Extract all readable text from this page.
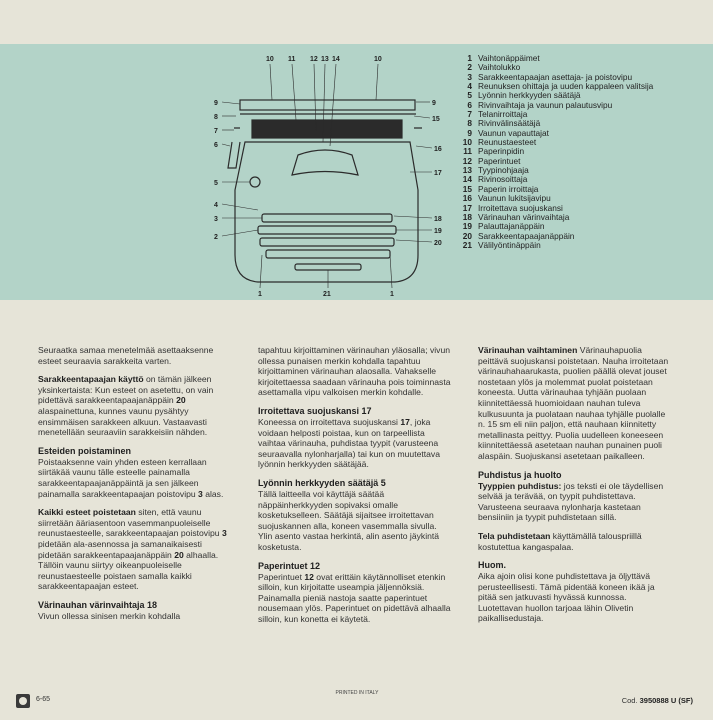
10 11 12 13 14	10
9
8
7
6
5
4
3
2
9
15
16
17
18
19
20
1	21	1
1 Vaihtonäppäimet
2 Vaihtolukko
3 Sarakkeentapaajan asettaja- ja poistovipu
4 Reunuksen ohittaja ja uuden kappaleen valitsija
5 Lyönnin herkkyyden säätäjä
6 Rivinvaihtaja ja vaunun palautusvipu
7 Telanirroittaja
8 Rivinvälinsäätäjä
9 Vaunun vapauttajat
10 Reunustaesteet
11 Paperinpidin
12 Paperintuet
13 Tyypinohjaaja
14 Rivinosoittaja
15 Paperin irroittaja
16 Vaunun lukitsijavipu
17 Irroitettava suojuskansi
18 Värinauhan värinvaihtaja
19 Palauttajanäppäin
20 Sarakkeentapaajanäppäin
21 Välilyöntinäppäin

Seuraatka samaa menetelmää asettaaksenne esteet seuraavia sarakkeita varten.

Sarakkeentapaajan käyttö on tämän jälkeen yksinkertaista: Kun esteet on asetettu, on vain pidettävä sarakkeentapaajanäppäin 20 alaspainettuna, kunnes vaunu pysähtyy ensimmäisen sarakkeen alkuun. Vastaavasti menetellään seuraaviin sarakkeisiin nähden.

Esteiden poistaminen

Poistaaksenne vain yhden esteen kerrallaan siirtäkää vaunu tälle esteelle painamalla sarakkeentapaajanäppäintä ja sen jälkeen painamalla sarakkeentapaajan poistovipu 3 alas.

Kaikki esteet poistetaan siten, että vaunu siirretään ääriasentoon vasemmanpuoleiselle reunustaesteelle, sarakkeentapaajan poistovipu 3 pidetään ala-asennossa ja samanaikaisesti pidetään sarakkeentapaajanäppäin 20 alhaalla. Tällöin vaunu siirtyy oikeanpuoleiselle reunustaesteelle poistaen samalla kaikki sarakkeentapaajan esteet.

Värinauhan värinvaihtaja 18

Vivun ollessa sinisen merkin kohdalla

tapahtuu kirjoittaminen värinauhan yläosalla; vivun ollessa punaisen merkin kohdalla tapahtuu kirjoittaminen värinauhan alaosalla. Vahakselle kirjoitettaessa saadaan värinauha pois toiminnasta asettamalla vipu valkoisen merkin kohdalle.

Irroitettava suojuskansi 17

Koneessa on irroitettava suojuskansi 17, joka voidaan helposti poistaa, kun on tarpeellista vaihtaa värinauha, puhdistaa tyypit (varusteena seuraavalla nylonharjalla) tai kun on muutettava lyönnin herkkyyden säätäjää.

Lyönnin herkkyyden säätäjä 5

Tällä laitteella voi käyttäjä säätää näppäinherkkyyden sopivaksi omalle kosketukselleen. Säätäjä sijaitsee irroitettavan suojuskannen alla, koneen vasemmalla sivulla. Ylin asento vastaa herkintä, alin asento jäykintä kosketusta.

Paperintuet 12

Paperintuet 12 ovat erittäin käytännolliset etenkin silloin, kun kirjoitatte useampia jäljennöksiä. Painamalla pieniä nastoja saatte paperintuet nousemaan ylös. Paperintuet on pidettävä alhaalla silloin, kun konetta ei käytetä.

Värinauhan vaihtaminen Värinauhapuolia peittävä suojuskansi poistetaan. Nauha irroitetaan värinauhahaarukasta, puolien päällä olevat jouset nostetaan ylös ja molemmat puolat poistetaan koneesta. Uutta värinauhaa tyhjään puolaan kiinnitettäessä huomioidaan nauhan tuleva kulkusuunta ja puolataan nauhaa tyhjälle puolalle n. 15 sm eli niin paljon, että nauhaan kiinnitetty metallinasta peittyy. Puolia uudelleen koneeseen kiinnitettäessä asetetaan nauhan punainen puoli alaspäin. Suojuskansi asetetaan paikalleen.

Puhdistus ja huolto

Tyyppien puhdistus: jos teksti ei ole täydellisen selvää ja terävää, on tyypit puhdistettava. Varusteena seuraava nylonharja kastetaan bensiiniin ja tyypit puhdistetaan sillä.

Tela puhdistetaan käyttämällä talouspriillä kostutettua kangaspalaa.

Huom.

Aika ajoin olisi kone puhdistettava ja öljyttävä perusteellisesti. Tämä pidentää koneen ikää ja pitää sen jatkuvasti hyvässä kunnossa. Luotettavan huollon tarjoaa lähin Olivetin paikallisedustaja.

6-65
PRINTED IN ITALY
Cod. 3950888 U (SF)
